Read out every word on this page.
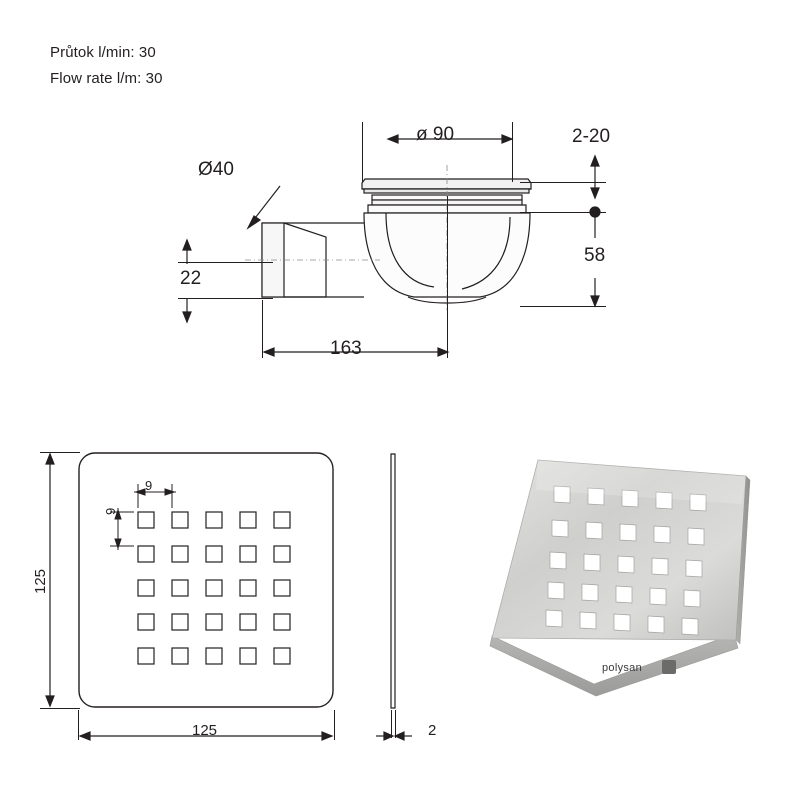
Průtok l/min: 30
Flow rate l/m: 30
ø 90
Ø40
22
2-20
58
163
9
9
125
125	2
polysan
